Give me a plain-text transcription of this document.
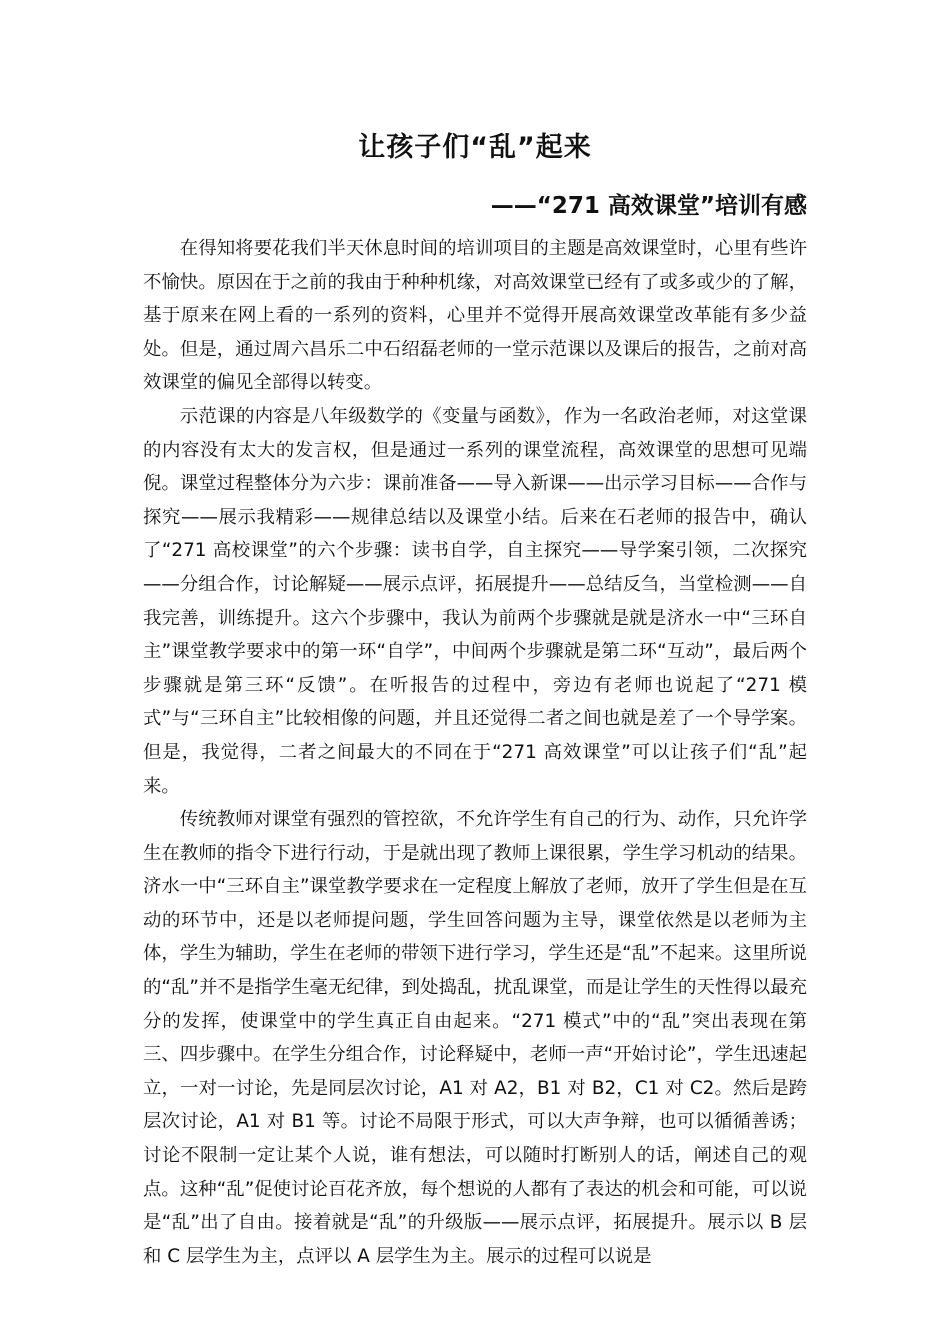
让孩子们“乱”起来
——“271 高效课堂”培训有感

在得知将要花我们半天休息时间的培训项目的主题是高效课堂时，心里有些许不愉快。原因在于之前的我由于种种机缘，对高效课堂已经有了或多或少的了解，基于原来在网上看的一系列的资料，心里并不觉得开展高效课堂改革能有多少益处。但是，通过周六昌乐二中石绍磊老师的一堂示范课以及课后的报告，之前对高效课堂的偏见全部得以转变。

示范课的内容是八年级数学的《变量与函数》，作为一名政治老师，对这堂课的内容没有太大的发言权，但是通过一系列的课堂流程，高效课堂的思想可见端倪。课堂过程整体分为六步：课前准备——导入新课——出示学习目标——合作与探究——展示我精彩——规律总结以及课堂小结。后来在石老师的报告中，确认了“271 高校课堂”的六个步骤：读书自学，自主探究——导学案引领，二次探究——分组合作，讨论解疑——展示点评，拓展提升——总结反刍，当堂检测——自我完善，训练提升。这六个步骤中，我认为前两个步骤就是就是济水一中“三环自主”课堂教学要求中的第一环“自学”，中间两个步骤就是第二环“互动”，最后两个步骤就是第三环“反馈”。在听报告的过程中，旁边有老师也说起了“271 模式”与“三环自主”比较相像的问题，并且还觉得二者之间也就是差了一个导学案。但是，我觉得，二者之间最大的不同在于“271 高效课堂”可以让孩子们“乱”起来。

传统教师对课堂有强烈的管控欲，不允许学生有自己的行为、动作，只允许学生在教师的指令下进行行动，于是就出现了教师上课很累，学生学习机动的结果。济水一中“三环自主”课堂教学要求在一定程度上解放了老师，放开了学生但是在互动的环节中，还是以老师提问题，学生回答问题为主导，课堂依然是以老师为主体，学生为辅助，学生在老师的带领下进行学习，学生还是“乱”不起来。这里所说的“乱”并不是指学生毫无纪律，到处捣乱，扰乱课堂，而是让学生的天性得以最充分的发挥，使课堂中的学生真正自由起来。“271 模式”中的“乱”突出表现在第三、四步骤中。在学生分组合作，讨论释疑中，老师一声“开始讨论”，学生迅速起立，一对一讨论，先是同层次讨论，A1 对 A2，B1 对 B2，C1 对 C2。然后是跨层次讨论，A1 对 B1 等。讨论不局限于形式，可以大声争辩，也可以循循善诱；讨论不限制一定让某个人说，谁有想法，可以随时打断别人的话，阐述自己的观点。这种“乱”促使讨论百花齐放，每个想说的人都有了表达的机会和可能，可以说是“乱”出了自由。接着就是“乱”的升级版——展示点评，拓展提升。展示以 B 层和 C 层学生为主，点评以 A 层学生为主。展示的过程可以说是
